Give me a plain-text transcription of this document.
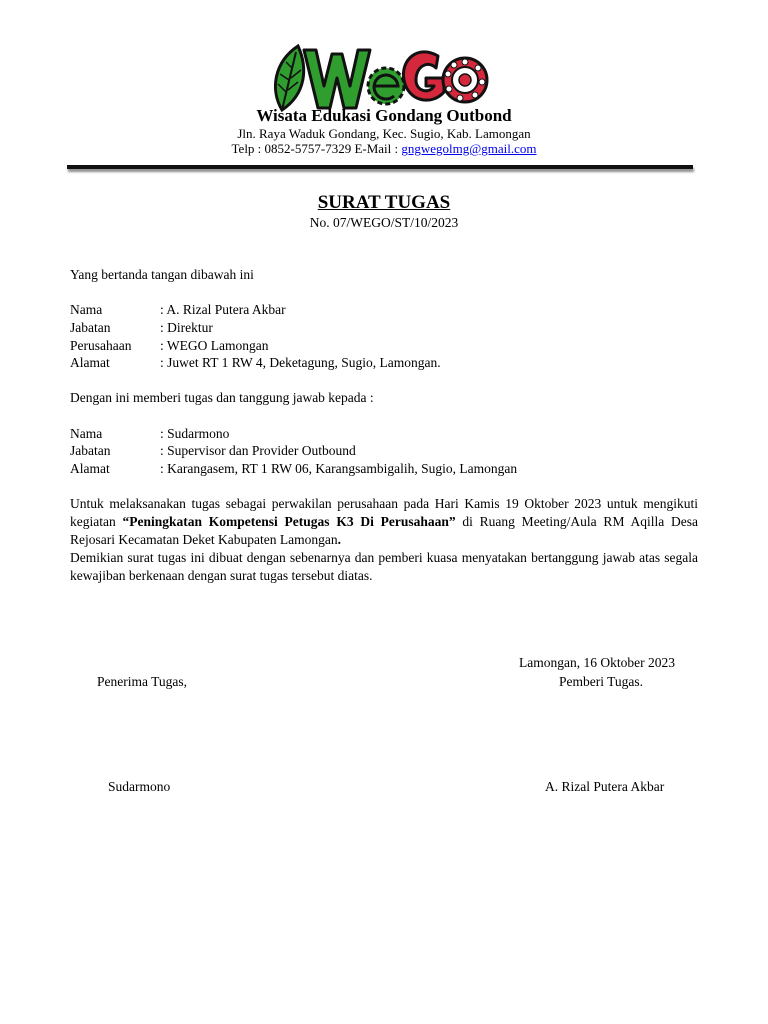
Wisata Edukasi Gondang Outbond
Jln. Raya Waduk Gondang, Kec. Sugio, Kab. Lamongan
Telp : 0852-5757-7329 E-Mail : gngwegolmg@gmail.com
SURAT TUGAS
No. 07/WEGO/ST/10/2023
Yang bertanda tangan dibawah ini
Nama	: A. Rizal Putera Akbar
Jabatan	: Direktur
Perusahaan : WEGO Lamongan
Alamat	: Juwet RT 1 RW 4, Deketagung, Sugio, Lamongan.
Dengan ini memberi tugas dan tanggung jawab kepada :
Nama	: Sudarmono
Jabatan	: Supervisor dan Provider Outbound
Alamat	: Karangasem, RT 1 RW 06, Karangsambigalih, Sugio, Lamongan

Untuk melaksanakan tugas sebagai perwakilan perusahaan pada Hari Kamis 19 Oktober 2023 untuk mengikuti kegiatan “Peningkatan Kompetensi Petugas K3 Di Perusahaan” di Ruang Meeting/Aula RM Aqilla Desa Rejosari Kecamatan Deket Kabupaten Lamongan.

Demikian surat tugas ini dibuat dengan sebenarnya dan pemberi kuasa menyatakan bertanggung jawab atas segala kewajiban berkenaan dengan surat tugas tersebut diatas.

Lamongan, 16 Oktober 2023
Penerima Tugas,	Pemberi Tugas.
Sudarmono	A. Rizal Putera Akbar
